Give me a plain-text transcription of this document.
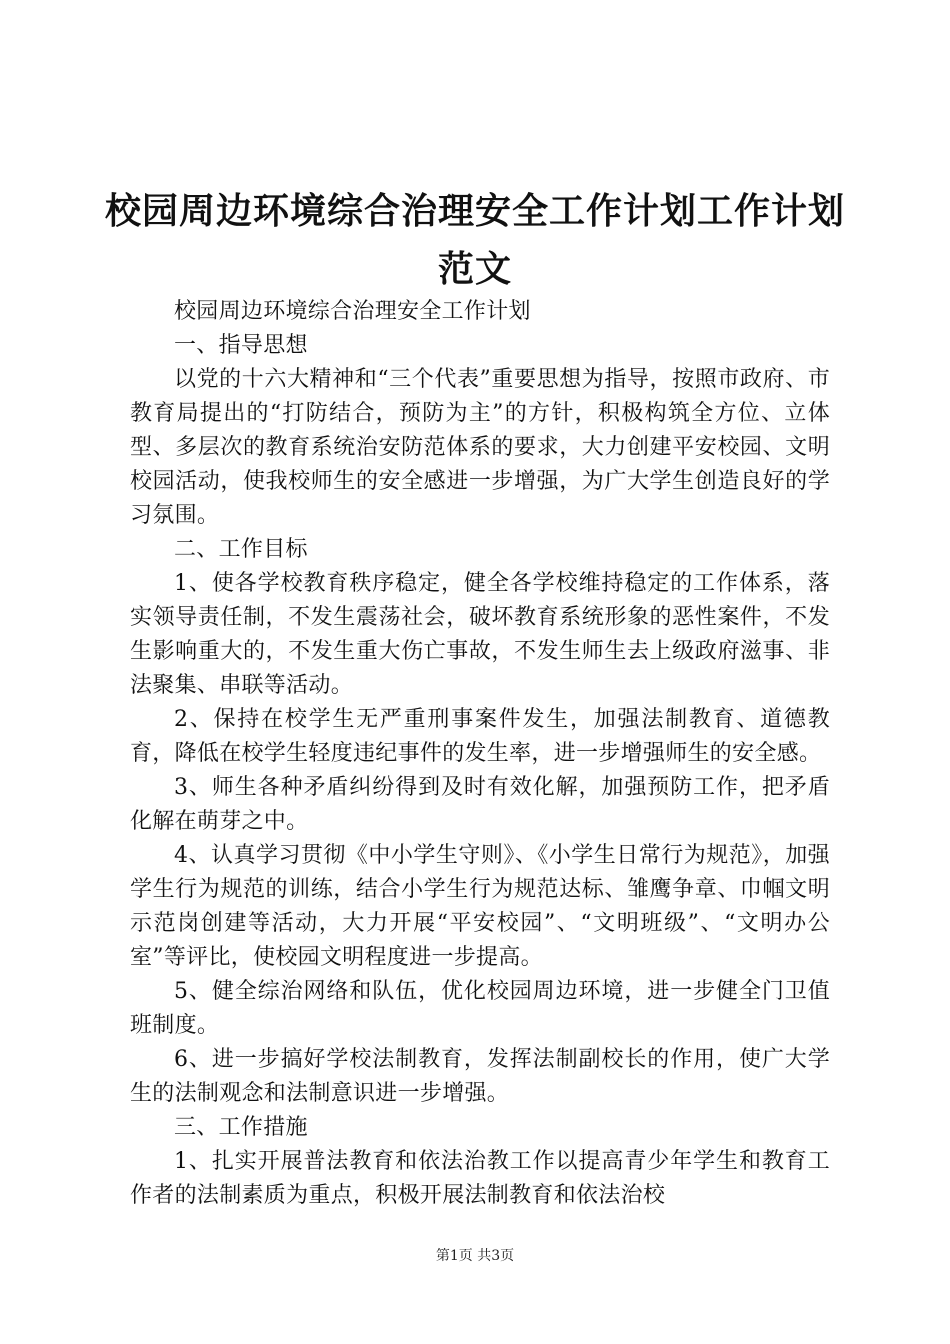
校园周边环境综合治理安全工作计划工作计划范文

校园周边环境综合治理安全工作计划

一、指导思想

以党的十六大精神和“三个代表”重要思想为指导，按照市政府、市教育局提出的“打防结合，预防为主”的方针，积极构筑全方位、立体型、多层次的教育系统治安防范体系的要求，大力创建平安校园、文明校园活动，使我校师生的安全感进一步增强，为广大学生创造良好的学习氛围。

二、工作目标

1、使各学校教育秩序稳定，健全各学校维持稳定的工作体系，落实领导责任制，不发生震荡社会，破坏教育系统形象的恶性案件，不发生影响重大的，不发生重大伤亡事故，不发生师生去上级政府滋事、非法聚集、串联等活动。

2、保持在校学生无严重刑事案件发生，加强法制教育、道德教育，降低在校学生轻度违纪事件的发生率，进一步增强师生的安全感。

3、师生各种矛盾纠纷得到及时有效化解，加强预防工作，把矛盾化解在萌芽之中。

4、认真学习贯彻《中小学生守则》、《小学生日常行为规范》，加强学生行为规范的训练，结合小学生行为规范达标、雏鹰争章、巾帼文明示范岗创建等活动，大力开展“平安校园”、“文明班级”、“文明办公室”等评比，使校园文明程度进一步提高。

5、健全综治网络和队伍，优化校园周边环境，进一步健全门卫值班制度。

6、进一步搞好学校法制教育，发挥法制副校长的作用，使广大学生的法制观念和法制意识进一步增强。

三、工作措施

1、扎实开展普法教育和依法治教工作以提高青少年学生和教育工作者的法制素质为重点，积极开展法制教育和依法治校

第1页 共3页
